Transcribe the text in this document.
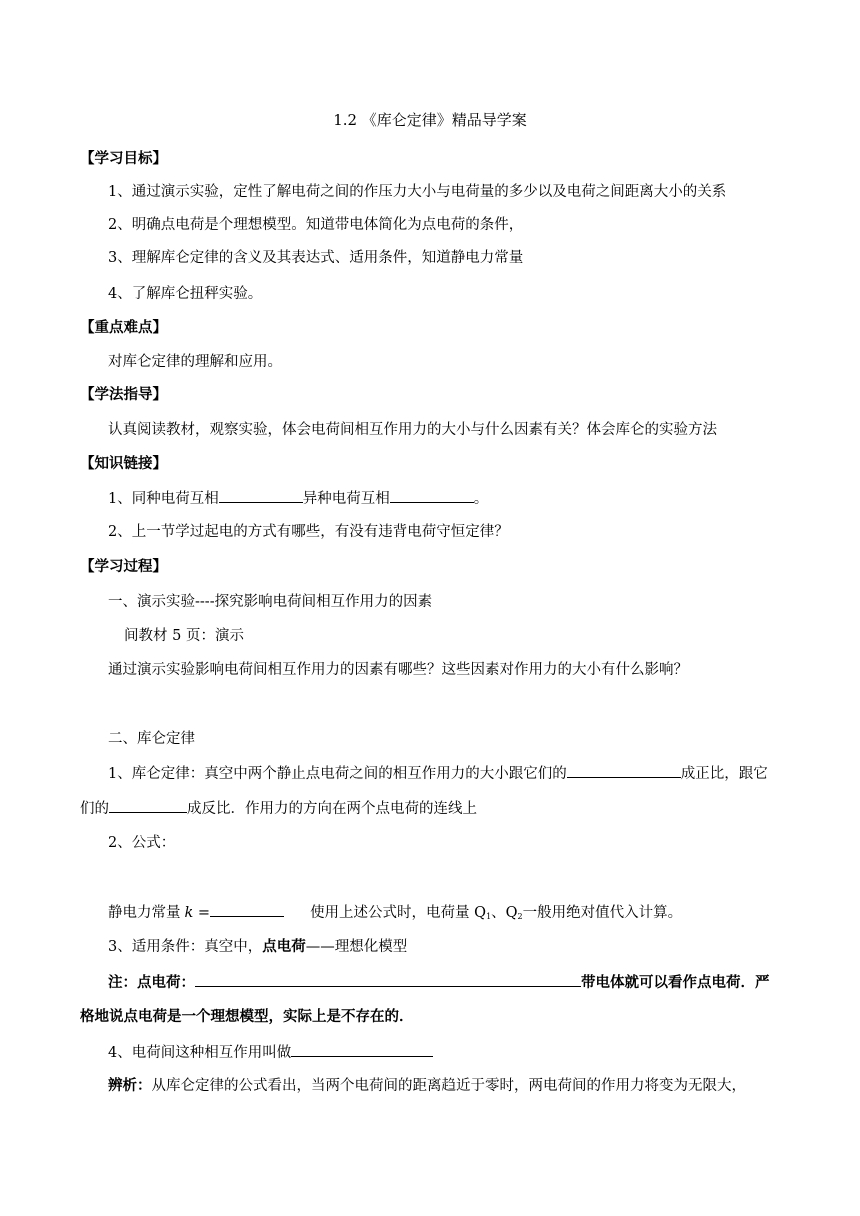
1.2 《库仑定律》精品导学案
【学习目标】
1、通过演示实验，定性了解电荷之间的作压力大小与电荷量的多少以及电荷之间距离大小的关系
2、明确点电荷是个理想模型。知道带电体简化为点电荷的条件，
3、理解库仑定律的含义及其表达式、适用条件，知道静电力常量
4、了解库仑扭秤实验。
【重点难点】
对库仑定律的理解和应用。
【学法指导】
认真阅读教材，观察实验，体会电荷间相互作用力的大小与什么因素有关？体会库仑的实验方法
【知识链接】
1、同种电荷互相	异种电荷互相	。
2、上一节学过起电的方式有哪些，有没有违背电荷守恒定律？
【学习过程】
一、演示实验----探究影响电荷间相互作用力的因素
间教材 5 页：演示
通过演示实验影响电荷间相互作用力的因素有哪些？这些因素对作用力的大小有什么影响？
二、库仑定律
1、库仑定律：真空中两个静止点电荷之间的相互作用力的大小跟它们的	成正比，跟它
们的	成反比．作用力的方向在两个点电荷的连线上
2、公式：
静电力常量 k =	使用上述公式时，电荷量 $Q_1$、$Q_2$一般用绝对值代入计算。
3、适用条件：真空中，点电荷——理想化模型
注：点电荷：	带电体就可以看作点电荷．严
格地说点电荷是一个理想模型，实际上是不存在的．
4、电荷间这种相互作用叫做
辨析：从库仑定律的公式看出，当两个电荷间的距离趋近于零时，两电荷间的作用力将变为无限大，
